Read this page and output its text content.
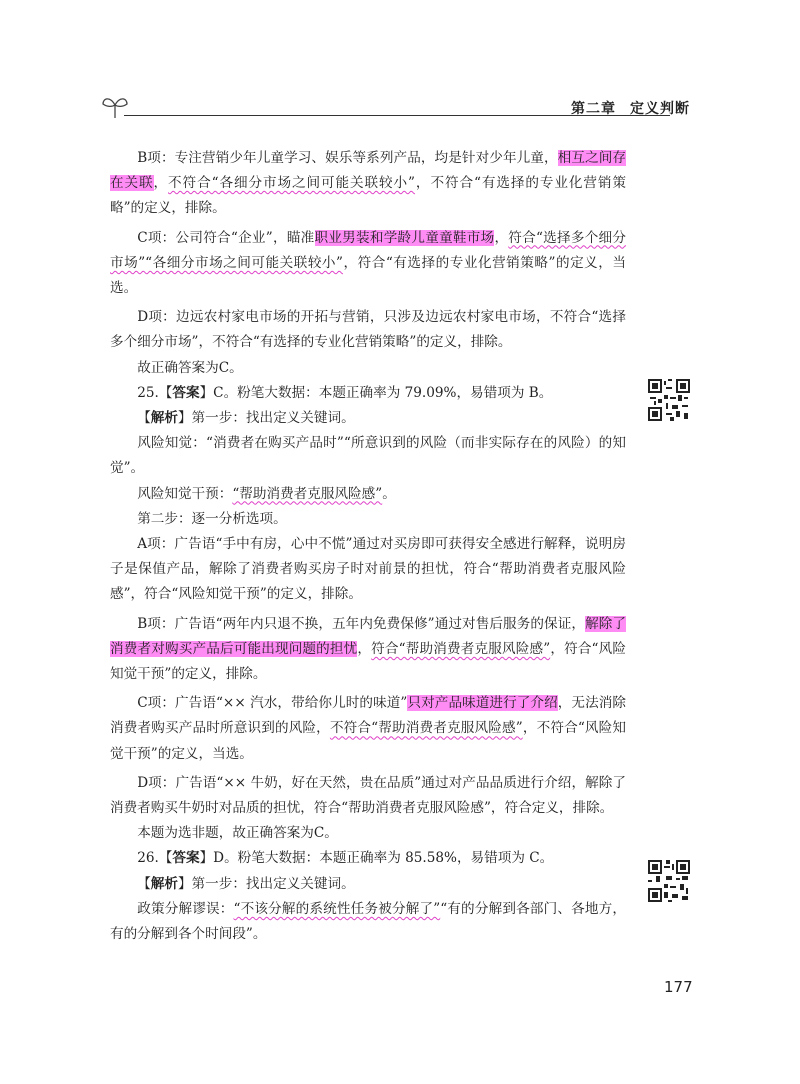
第二章 定义判断

B项：专注营销少年儿童学习、娱乐等系列产品，均是针对少年儿童，相互之间存在关联，不符合“各细分市场之间可能关联较小”，不符合“有选择的专业化营销策略”的定义，排除。

C项：公司符合“企业”，瞄准职业男装和学龄儿童童鞋市场，符合“选择多个细分市场”“各细分市场之间可能关联较小”，符合“有选择的专业化营销策略”的定义，当选。

D项：边远农村家电市场的开拓与营销，只涉及边远农村家电市场，不符合“选择多个细分市场”，不符合“有选择的专业化营销策略”的定义，排除。

故正确答案为C。

25.【答案】C。粉笔大数据：本题正确率为 79.09%，易错项为 B。

【解析】第一步：找出定义关键词。

风险知觉：“消费者在购买产品时”“所意识到的风险（而非实际存在的风险）的知觉”。

风险知觉干预：“帮助消费者克服风险感”。

第二步：逐一分析选项。

A项：广告语“手中有房，心中不慌”通过对买房即可获得安全感进行解释，说明房子是保值产品，解除了消费者购买房子时对前景的担忧，符合“帮助消费者克服风险感”，符合“风险知觉干预”的定义，排除。

B项：广告语“两年内只退不换，五年内免费保修”通过对售后服务的保证，解除了消费者对购买产品后可能出现问题的担忧，符合“帮助消费者克服风险感”，符合“风险知觉干预”的定义，排除。

C项：广告语“×× 汽水，带给你儿时的味道”只对产品味道进行了介绍，无法消除消费者购买产品时所意识到的风险，不符合“帮助消费者克服风险感”，不符合“风险知觉干预”的定义，当选。

D项：广告语“×× 牛奶，好在天然，贵在品质”通过对产品品质进行介绍，解除了消费者购买牛奶时对品质的担忧，符合“帮助消费者克服风险感”，符合定义，排除。

本题为选非题，故正确答案为C。

26.【答案】D。粉笔大数据：本题正确率为 85.58%，易错项为 C。

【解析】第一步：找出定义关键词。

政策分解谬误：“不该分解的系统性任务被分解了”“有的分解到各部门、各地方，有的分解到各个时间段”。

177
